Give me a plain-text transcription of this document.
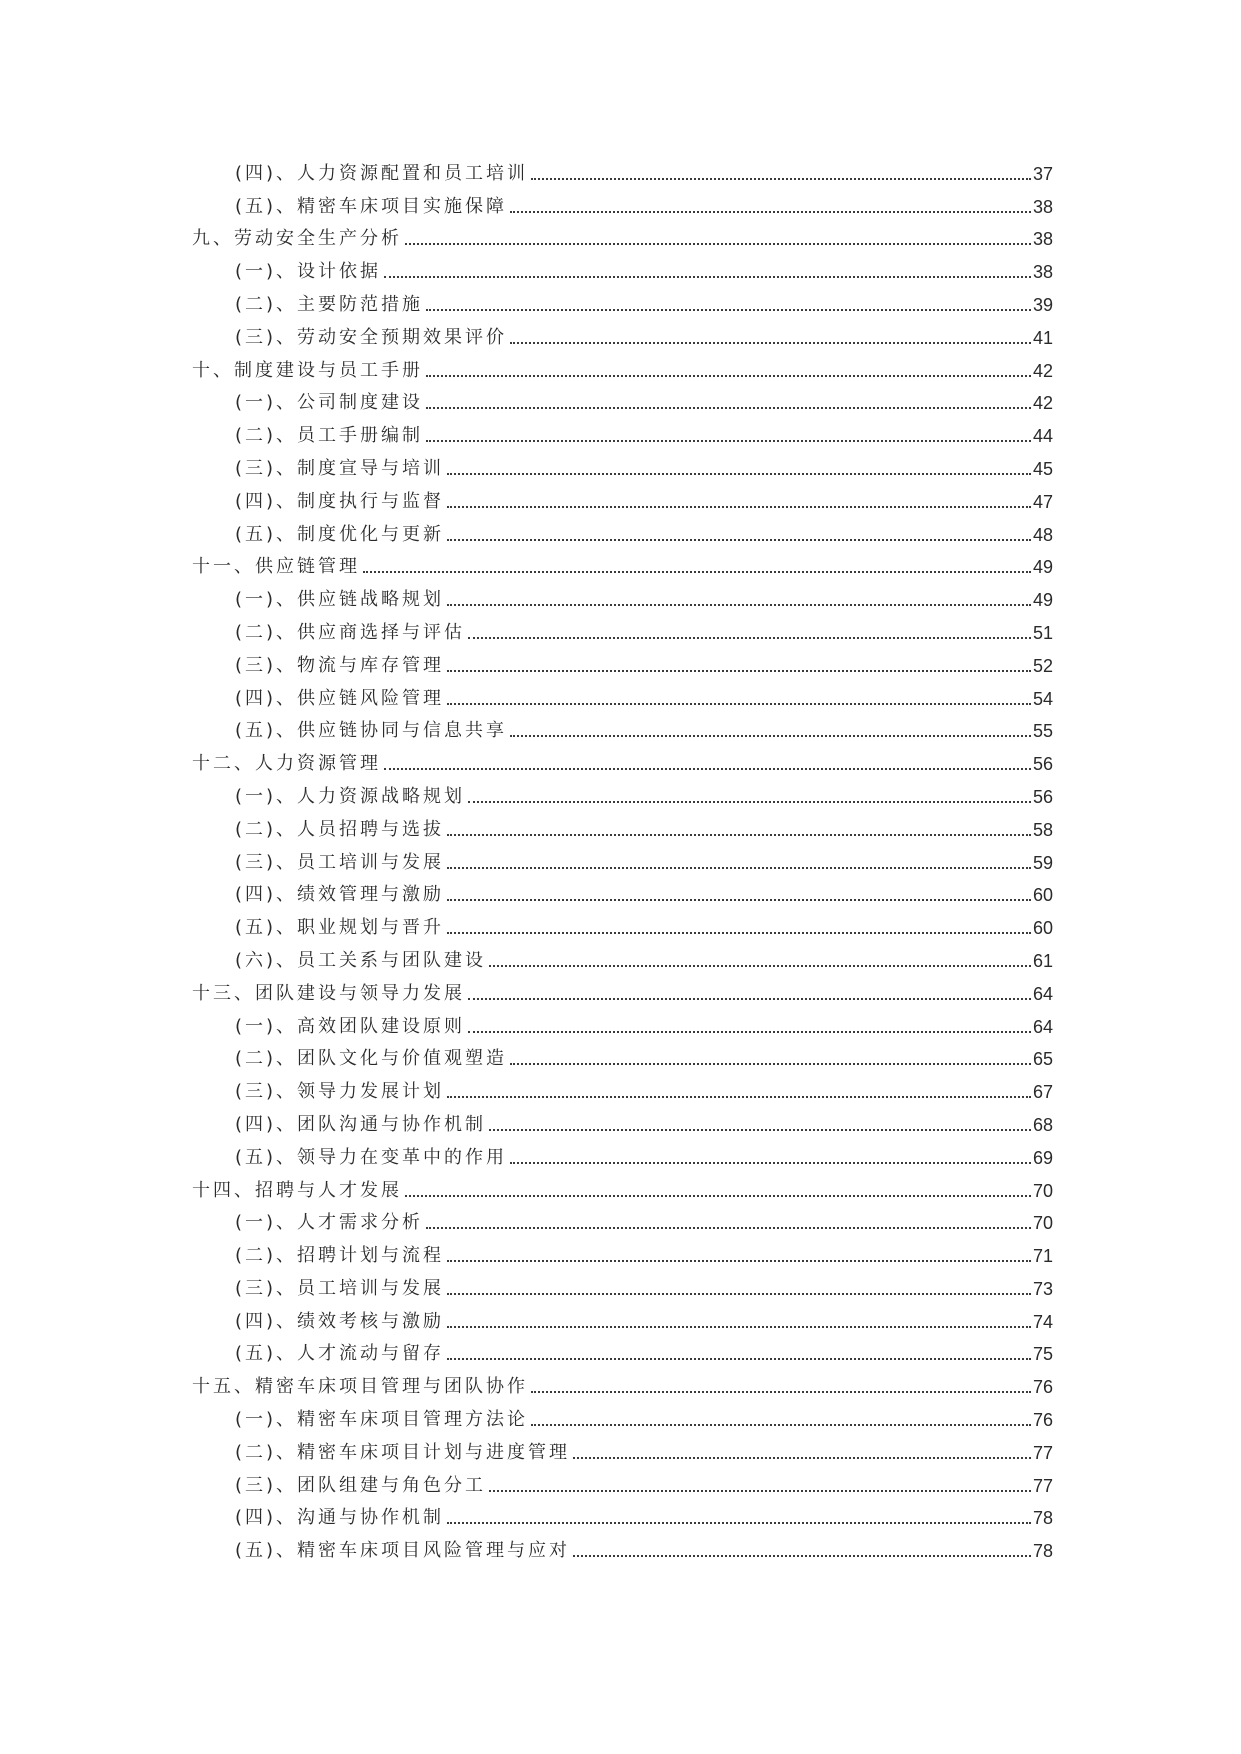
(四)、人力资源配置和员工培训	37
(五)、精密车床项目实施保障	38
九、劳动安全生产分析	38
(一)、设计依据	38
(二)、主要防范措施	39
(三)、劳动安全预期效果评价	41
十、制度建设与员工手册	42
(一)、公司制度建设	42
(二)、员工手册编制	44
(三)、制度宣导与培训	45
(四)、制度执行与监督	47
(五)、制度优化与更新	48
十一、供应链管理	49
(一)、供应链战略规划	49
(二)、供应商选择与评估	51
(三)、物流与库存管理	52
(四)、供应链风险管理	54
(五)、供应链协同与信息共享	55
十二、人力资源管理	56
(一)、人力资源战略规划	56
(二)、人员招聘与选拔	58
(三)、员工培训与发展	59
(四)、绩效管理与激励	60
(五)、职业规划与晋升	60
(六)、员工关系与团队建设	61
十三、团队建设与领导力发展	64
(一)、高效团队建设原则	64
(二)、团队文化与价值观塑造	65
(三)、领导力发展计划	67
(四)、团队沟通与协作机制	68
(五)、领导力在变革中的作用	69
十四、招聘与人才发展	70
(一)、人才需求分析	70
(二)、招聘计划与流程	71
(三)、员工培训与发展	73
(四)、绩效考核与激励	74
(五)、人才流动与留存	75
十五、精密车床项目管理与团队协作	76
(一)、精密车床项目管理方法论	76
(二)、精密车床项目计划与进度管理	77
(三)、团队组建与角色分工	77
(四)、沟通与协作机制	78
(五)、精密车床项目风险管理与应对	78
